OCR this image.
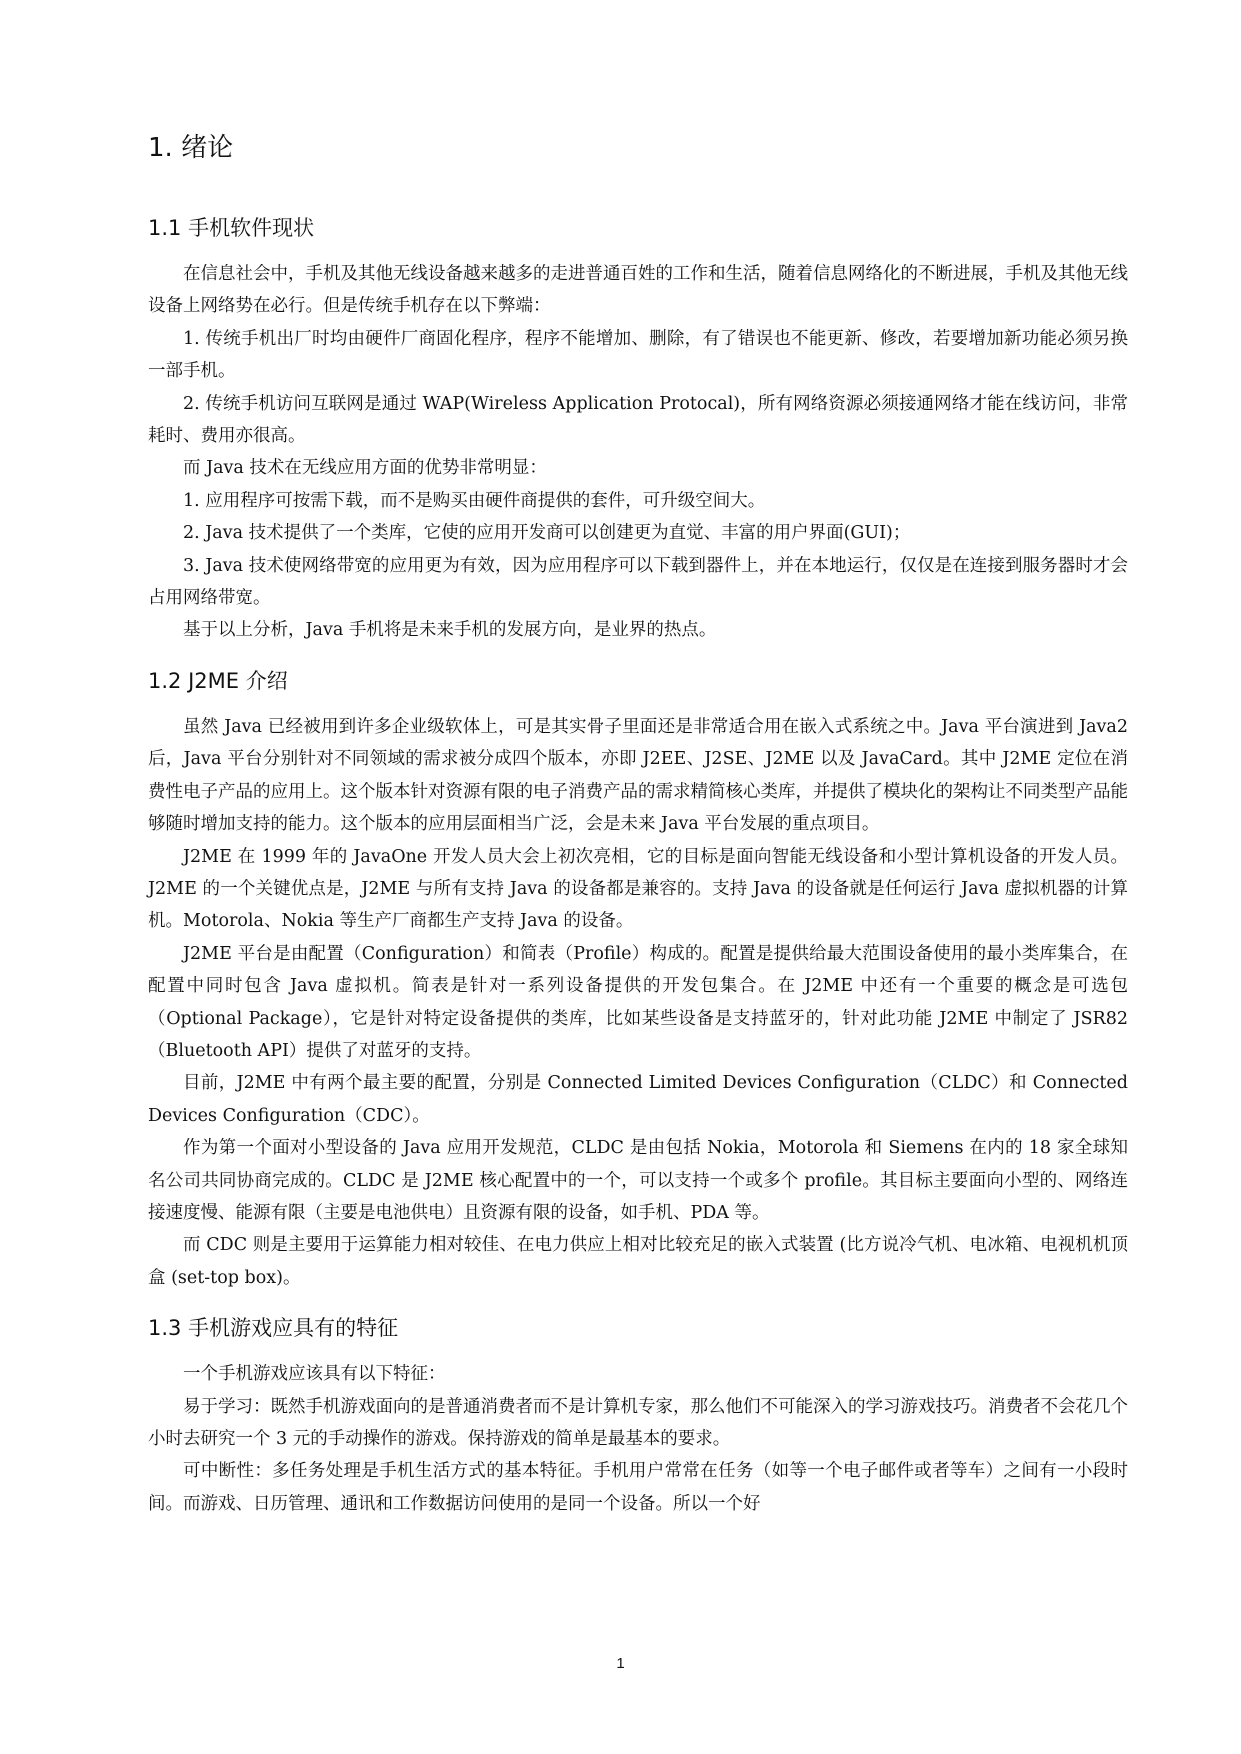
1. 绪论
1.1 手机软件现状

在信息社会中，手机及其他无线设备越来越多的走进普通百姓的工作和生活，随着信息网络化的不断进展，手机及其他无线设备上网络势在必行。但是传统手机存在以下弊端：

1. 传统手机出厂时均由硬件厂商固化程序，程序不能增加、删除，有了错误也不能更新、修改，若要增加新功能必须另换一部手机。

2. 传统手机访问互联网是通过 WAP(Wireless Application Protocal)，所有网络资源必须接通网络才能在线访问，非常耗时、费用亦很高。

而 Java 技术在无线应用方面的优势非常明显：

1. 应用程序可按需下载，而不是购买由硬件商提供的套件，可升级空间大。

2. Java 技术提供了一个类库，它使的应用开发商可以创建更为直觉、丰富的用户界面(GUI)；

3. Java 技术使网络带宽的应用更为有效，因为应用程序可以下载到器件上，并在本地运行，仅仅是在连接到服务器时才会占用网络带宽。

基于以上分析，Java 手机将是未来手机的发展方向，是业界的热点。

1.2 J2ME 介绍

虽然 Java 已经被用到许多企业级软体上，可是其实骨子里面还是非常适合用在嵌入式系统之中。Java 平台演进到 Java2 后，Java 平台分别针对不同领域的需求被分成四个版本，亦即 J2EE、J2SE、J2ME 以及 JavaCard。其中 J2ME 定位在消费性电子产品的应用上。这个版本针对资源有限的电子消费产品的需求精简核心类库，并提供了模块化的架构让不同类型产品能够随时增加支持的能力。这个版本的应用层面相当广泛，会是未来 Java 平台发展的重点项目。

J2ME 在 1999 年的 JavaOne 开发人员大会上初次亮相，它的目标是面向智能无线设备和小型计算机设备的开发人员。J2ME 的一个关键优点是，J2ME 与所有支持 Java 的设备都是兼容的。支持 Java 的设备就是任何运行 Java 虚拟机器的计算机。Motorola、Nokia 等生产厂商都生产支持 Java 的设备。

J2ME 平台是由配置（Configuration）和简表（Profile）构成的。配置是提供给最大范围设备使用的最小类库集合，在配置中同时包含 Java 虚拟机。简表是针对一系列设备提供的开发包集合。在 J2ME 中还有一个重要的概念是可选包（Optional Package），它是针对特定设备提供的类库，比如某些设备是支持蓝牙的，针对此功能 J2ME 中制定了 JSR82（Bluetooth API）提供了对蓝牙的支持。

目前，J2ME 中有两个最主要的配置，分别是 Connected Limited Devices Configuration（CLDC）和 Connected Devices Configuration（CDC）。

作为第一个面对小型设备的 Java 应用开发规范，CLDC 是由包括 Nokia，Motorola 和 Siemens 在内的 18 家全球知名公司共同协商完成的。CLDC 是 J2ME 核心配置中的一个，可以支持一个或多个 profile。其目标主要面向小型的、网络连接速度慢、能源有限（主要是电池供电）且资源有限的设备，如手机、PDA 等。

而 CDC 则是主要用于运算能力相对较佳、在电力供应上相对比较充足的嵌入式装置 (比方说冷气机、电冰箱、电视机机顶盒 (set-top box)。

1.3 手机游戏应具有的特征

一个手机游戏应该具有以下特征：

易于学习：既然手机游戏面向的是普通消费者而不是计算机专家，那么他们不可能深入的学习游戏技巧。消费者不会花几个小时去研究一个 3 元的手动操作的游戏。保持游戏的简单是最基本的要求。

可中断性：多任务处理是手机生活方式的基本特征。手机用户常常在任务（如等一个电子邮件或者等车）之间有一小段时间。而游戏、日历管理、通讯和工作数据访问使用的是同一个设备。所以一个好

1
